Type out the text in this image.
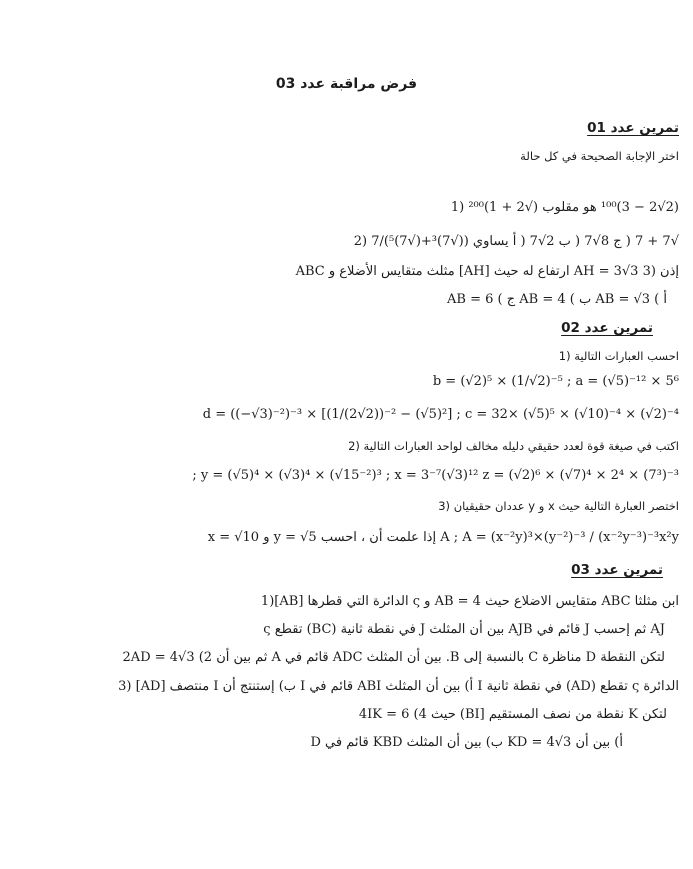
فرض مراقبة عدد 03
تمرين عدد 01
اختر الإجابة الصحيحة في كل حالة
(2√2 − 3)¹⁰⁰ هو مقلوب (√2 + 1)²⁰⁰ (1
√7 + 7 ( ج 8√7 ( ب 2√7 ( أ يساوي ((√7)³+(√7)⁵)/7 (2
ABC مثلث متقايس الأضلاع و [AH] ارتفاع له حيث AH = 3√3 إذن (3
AB = 6 ( ج AB = 4 ( ب AB = √3 ( أ
تمرين عدد 02
احسب العبارات التالية (1
b = (√2)⁵ × (1/√2)⁻⁵ ; a = (√5)⁻¹² × 5⁶
d = ((−√3)⁻²)⁻³ × [(1/(2√2))⁻² − (√5)²] ; c = 32× (√5)⁵ × (√10)⁻⁴ × (√2)⁻⁴
اكتب في صيغة قوة لعدد حقيقي دليله مخالف لواحد العبارات التالية (2
; y = (√5)⁴ × (√3)⁴ × (√15⁻²)³ ; x = 3⁻⁷(√3)¹² z = (√2)⁶ × (√7)⁴ × 2⁴ × (7³)⁻³
اختصر العبارة التالية حيث x و y عددان حقيقيان (3
x = √10 و y = √5 إذا علمت أن ، احسب A ; A = (x⁻²y)³×(y⁻²)⁻³ / (x⁻²y⁻³)⁻³x²y
تمرين عدد 03
ابن مثلثا ABC متقايس الاضلاع حيث AB = 4 و ς الدائرة التي قطرها [AB](1
ς تقطع (BC) في نقطة ثانية J بين أن المثلث AJB قائم في J ثم إحسب AJ
لتكن النقطة D مناظرة C بالنسبة إلى B. بين أن المثلث ADC قائم في A ثم بين أن 2AD = 4√3 (2
الدائرة ς تقطع (AD) في نقطة ثانية I أ) بين أن المثلث ABI قائم في I ب) إستنتج أن I منتصف [AD] (3
لتكن K نقطة من نصف المستقيم [BI) حيث 4IK = 6 (4
أ) بين أن KD = 4√3 ب) بين أن المثلث KBD قائم في D
